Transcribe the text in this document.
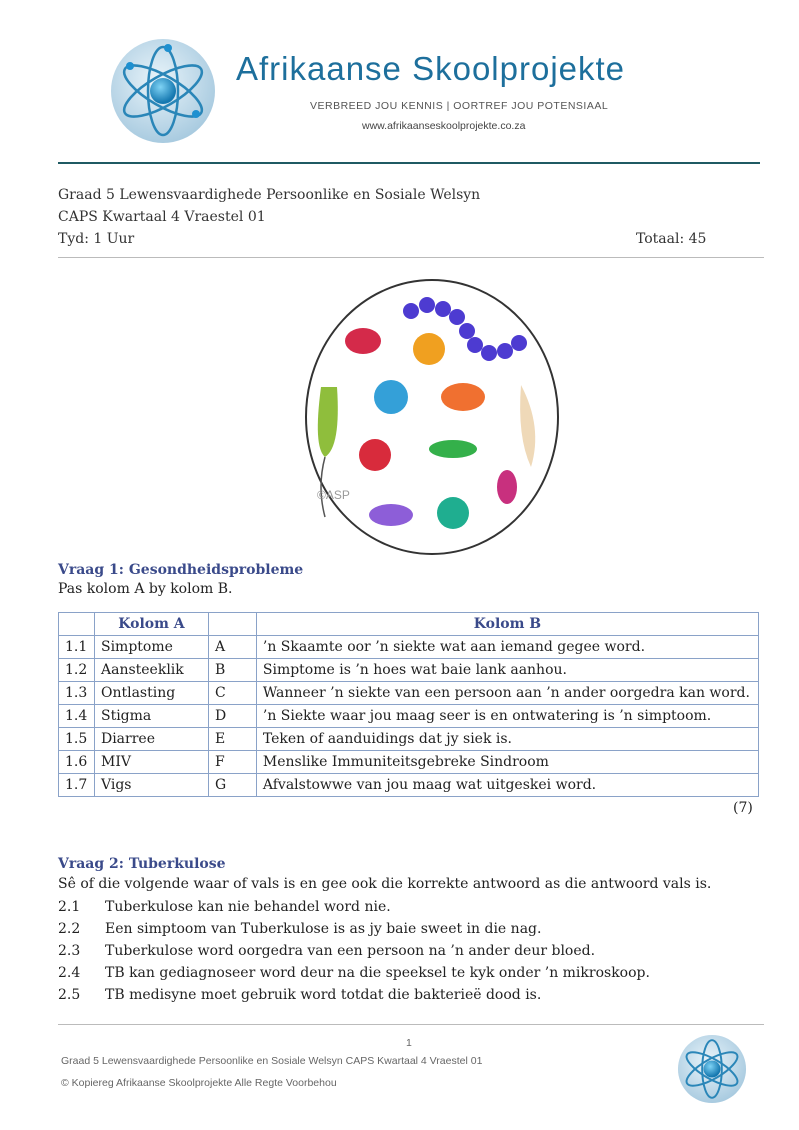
Afrikaanse Skoolprojekte
VERBREED JOU KENNIS | OORTREF JOU POTENSIAAL
www.afrikaanseskoolprojekte.co.za
Graad 5 Lewensvaardighede Persoonlike en Sosiale Welsyn
CAPS Kwartaal 4 Vraestel 01
Tyd: 1 Uur	Totaal: 45
©ASP
Vraag 1: Gesondheidsprobleme
Pas kolom A by kolom B.
	Kolom A		Kolom B
1.1	Simptome	A	’n Skaamte oor ’n siekte wat aan iemand gegee word.
1.2	Aansteeklik	B	Simptome is ’n hoes wat baie lank aanhou.
1.3	Ontlasting	C	Wanneer ’n siekte van een persoon aan ’n ander oorgedra kan word.
1.4	Stigma	D	’n Siekte waar jou maag seer is en ontwatering is ’n simptoom.
1.5	Diarree	E	Teken of aanduidings dat jy siek is.
1.6	MIV	F	Menslike Immuniteitsgebreke Sindroom
1.7	Vigs	G	Afvalstowwe van jou maag wat uitgeskei word.
(7)
Vraag 2: Tuberkulose
Sê of die volgende waar of vals is en gee ook die korrekte antwoord as die antwoord vals is.
2.1 Tuberkulose kan nie behandel word nie.
2.2 Een simptoom van Tuberkulose is as jy baie sweet in die nag.
2.3 Tuberkulose word oorgedra van een persoon na ’n ander deur bloed.
2.4 TB kan gediagnoseer word deur na die speeksel te kyk onder ’n mikroskoop.
2.5 TB medisyne moet gebruik word totdat die bakterieë dood is.
1
Graad 5 Lewensvaardighede Persoonlike en Sosiale Welsyn CAPS Kwartaal 4 Vraestel 01
© Kopiereg Afrikaanse Skoolprojekte Alle Regte Voorbehou
